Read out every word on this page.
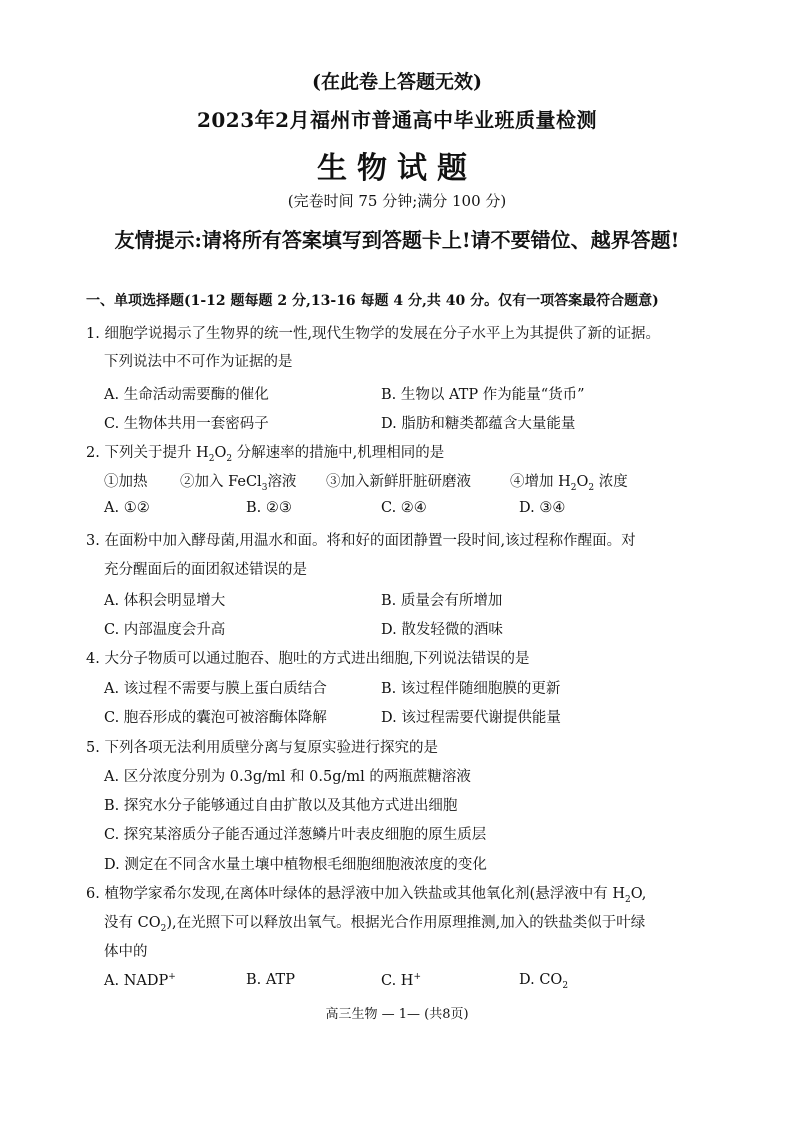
(在此卷上答题无效)
2023年2月福州市普通高中毕业班质量检测
生物试题
(完卷时间 75 分钟;满分 100 分)
友情提示:请将所有答案填写到答题卡上!请不要错位、越界答题!
一、单项选择题(1-12 题每题 2 分,13-16 每题 4 分,共 40 分。仅有一项答案最符合题意)
1. 细胞学说揭示了生物界的统一性,现代生物学的发展在分子水平上为其提供了新的证据。
下列说法中不可作为证据的是
A. 生命活动需要酶的催化	B. 生物以 ATP 作为能量“货币”
C. 生物体共用一套密码子	D. 脂肪和糖类都蕴含大量能量
2. 下列关于提升 $H_2O_2$ 分解速率的措施中,机理相同的是
①加热 ②加入 FeCl$_3$溶液 ③加入新鲜肝脏研磨液	④增加 $H_2O_2$ 浓度
A. ①②	B. ②③	C. ②④	D. ③④
3. 在面粉中加入酵母菌,用温水和面。将和好的面团静置一段时间,该过程称作醒面。对
充分醒面后的面团叙述错误的是
A. 体积会明显增大	B. 质量会有所增加
C. 内部温度会升高	D. 散发轻微的酒味
4. 大分子物质可以通过胞吞、胞吐的方式进出细胞,下列说法错误的是
A. 该过程不需要与膜上蛋白质结合	B. 该过程伴随细胞膜的更新
C. 胞吞形成的囊泡可被溶酶体降解	D. 该过程需要代谢提供能量
5. 下列各项无法利用质壁分离与复原实验进行探究的是
A. 区分浓度分别为 0.3g/ml 和 0.5g/ml 的两瓶蔗糖溶液
B. 探究水分子能够通过自由扩散以及其他方式进出细胞
C. 探究某溶质分子能否通过洋葱鳞片叶表皮细胞的原生质层
D. 测定在不同含水量土壤中植物根毛细胞细胞液浓度的变化
6. 植物学家希尔发现,在离体叶绿体的悬浮液中加入铁盐或其他氧化剂(悬浮液中有 $H_2O$,
没有 $CO_2$),在光照下可以释放出氧气。根据光合作用原理推测,加入的铁盐类似于叶绿
体中的
A. NADP+	B. ATP	C. H+	D. $CO_2$
高三生物 — 1— (共8页)
